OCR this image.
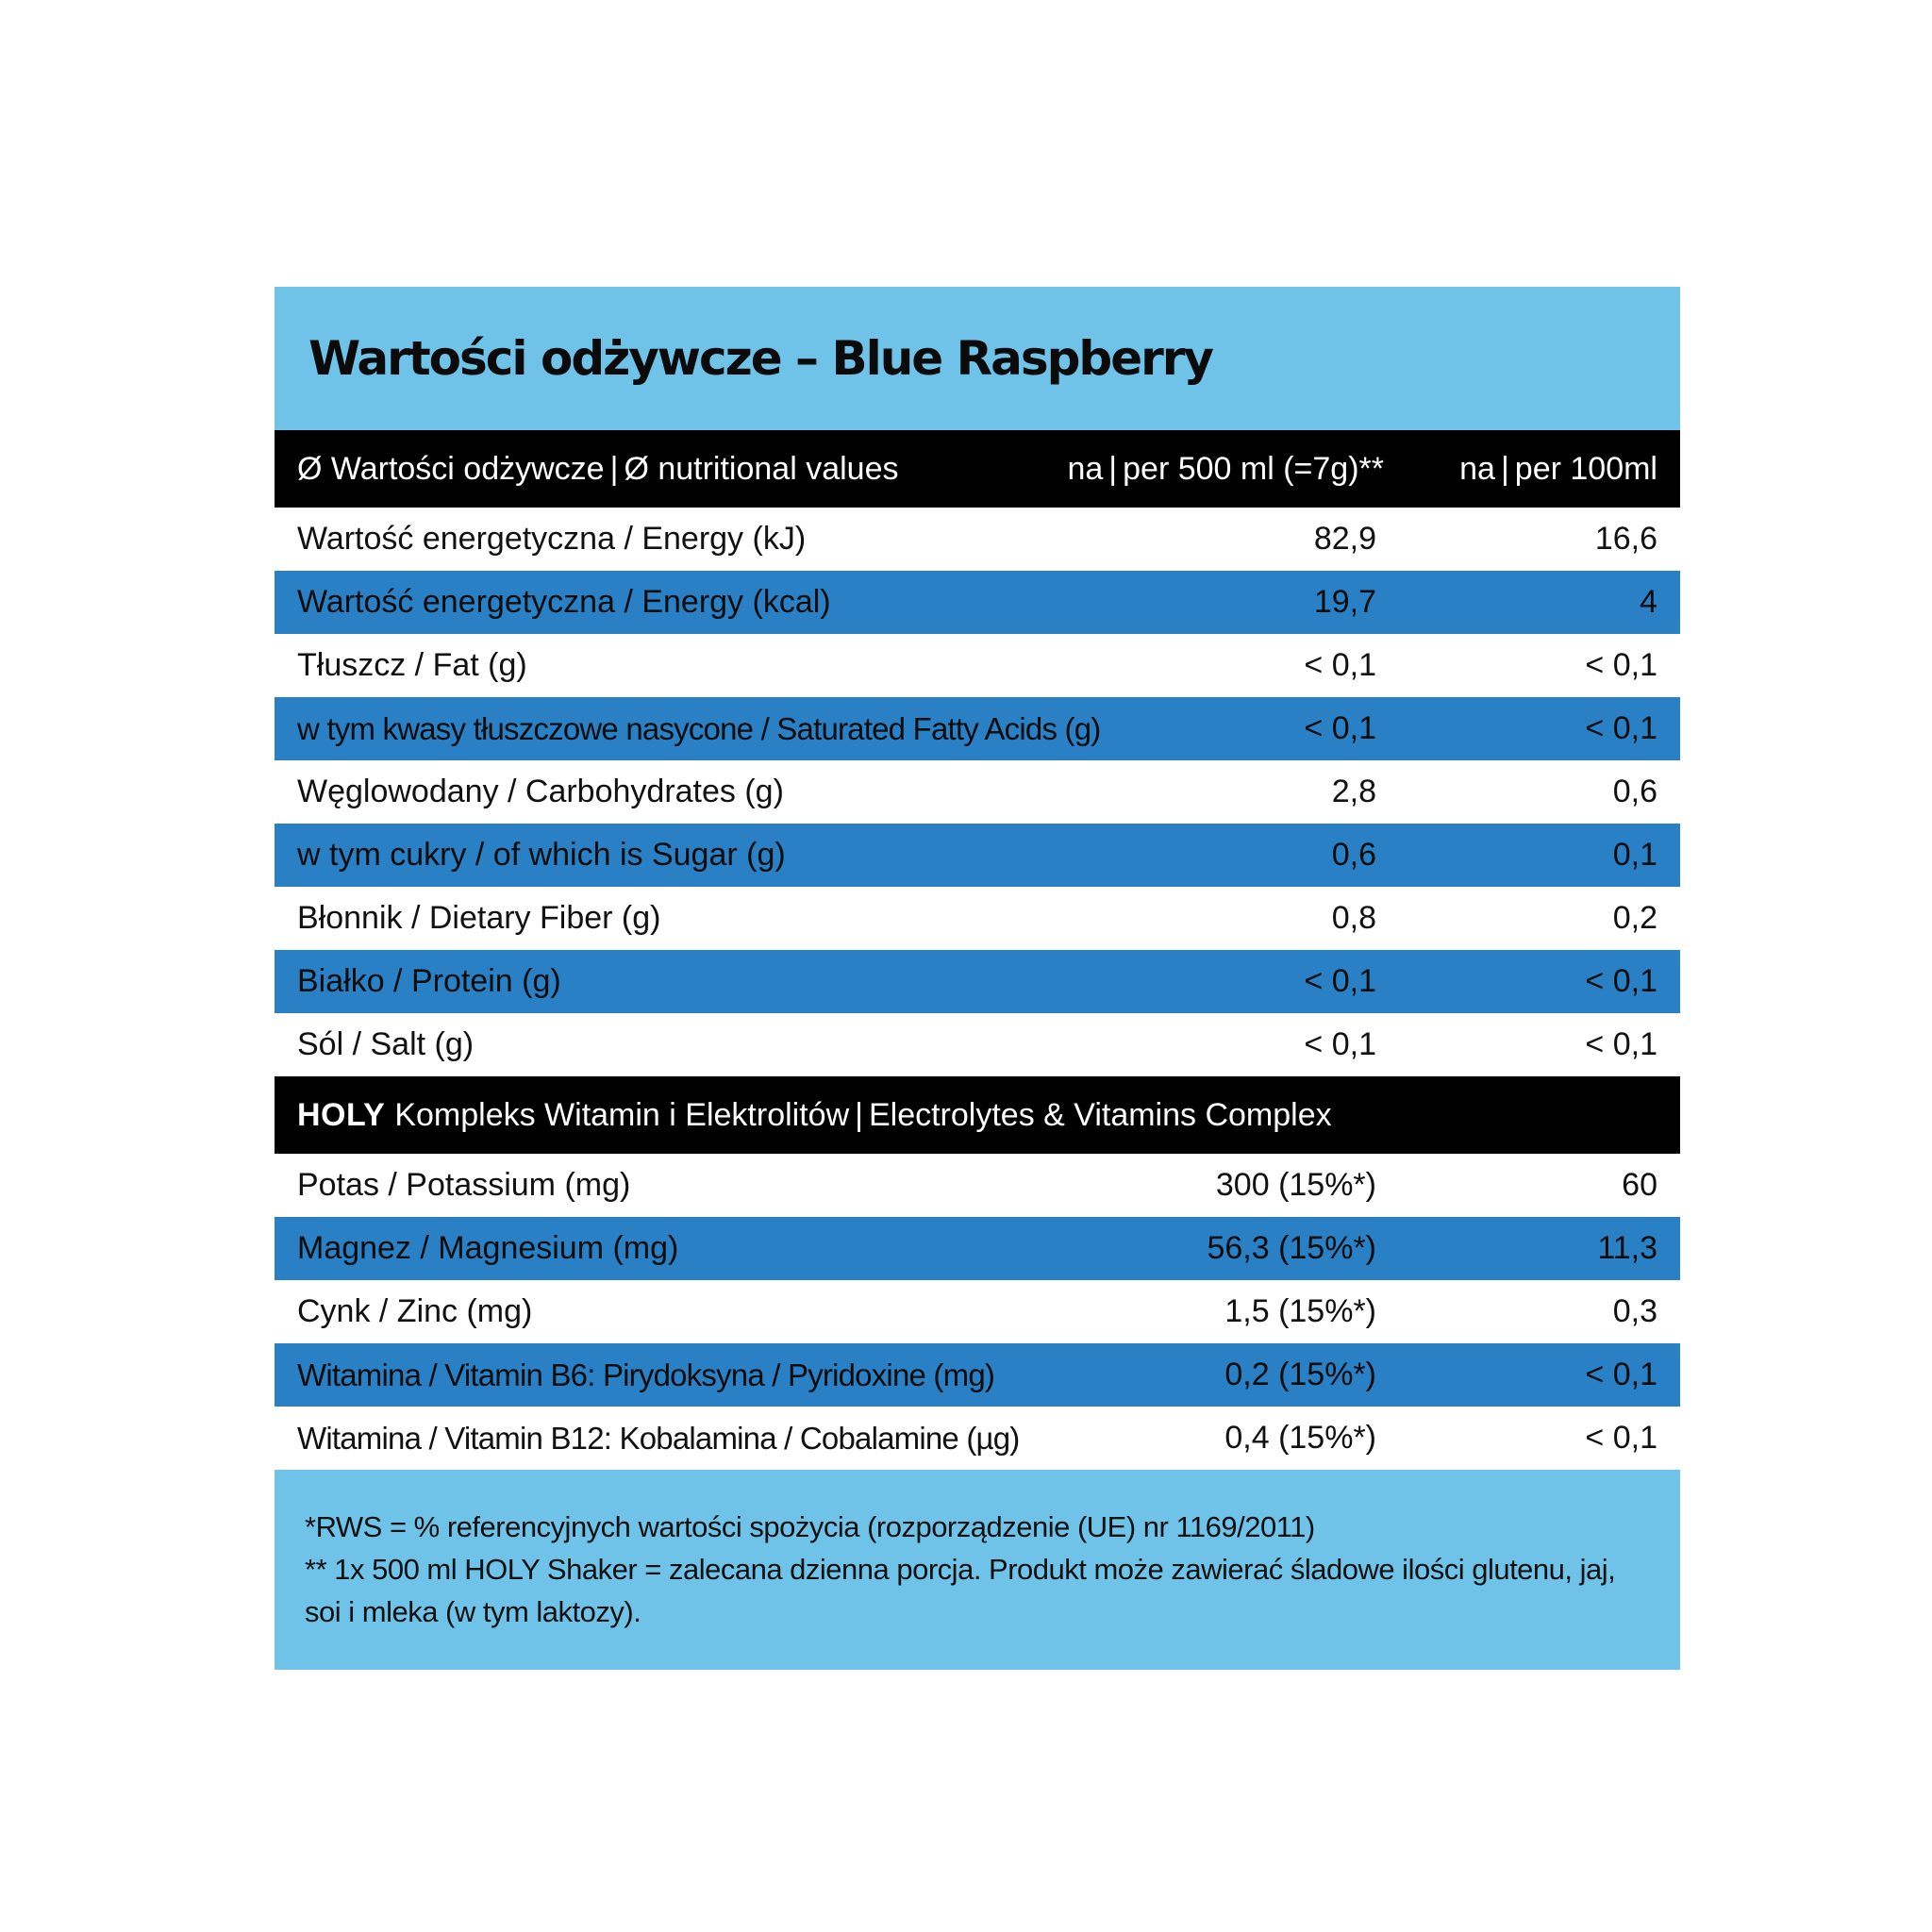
Wartości odżywcze – Blue Raspberry
Ø Wartości odżywcze | Ø nutritional values	na | per 500 ml (=7g)**	na | per 100ml
Wartość energetyczna / Energy (kJ)	82,9	16,6
Wartość energetyczna / Energy (kcal)	19,7	4
Tłuszcz / Fat (g)	< 0,1	< 0,1
w tym kwasy tłuszczowe nasycone / Saturated Fatty Acids (g)	< 0,1	< 0,1
Węglowodany / Carbohydrates (g)	2,8	0,6
w tym cukry / of which is Sugar (g)	0,6	0,1
Błonnik / Dietary Fiber (g)	0,8	0,2
Białko / Protein (g)	< 0,1	< 0,1
Sól / Salt (g)	< 0,1	< 0,1
HOLY Kompleks Witamin i Elektrolitów | Electrolytes & Vitamins Complex
Potas / Potassium (mg)	300 (15%*)	60
Magnez / Magnesium (mg)	56,3 (15%*)	11,3
Cynk / Zinc (mg)	1,5 (15%*)	0,3
Witamina / Vitamin B6: Pirydoksyna / Pyridoxine (mg)	0,2 (15%*)	< 0,1
Witamina / Vitamin B12: Kobalamina / Cobalamine (µg)	0,4 (15%*)	< 0,1

*RWS = % referencyjnych wartości spożycia (rozporządzenie (UE) nr 1169/2011)

** 1x 500 ml HOLY Shaker = zalecana dzienna porcja. Produkt może zawierać śladowe ilości glutenu, jaj, soi i mleka (w tym laktozy).
